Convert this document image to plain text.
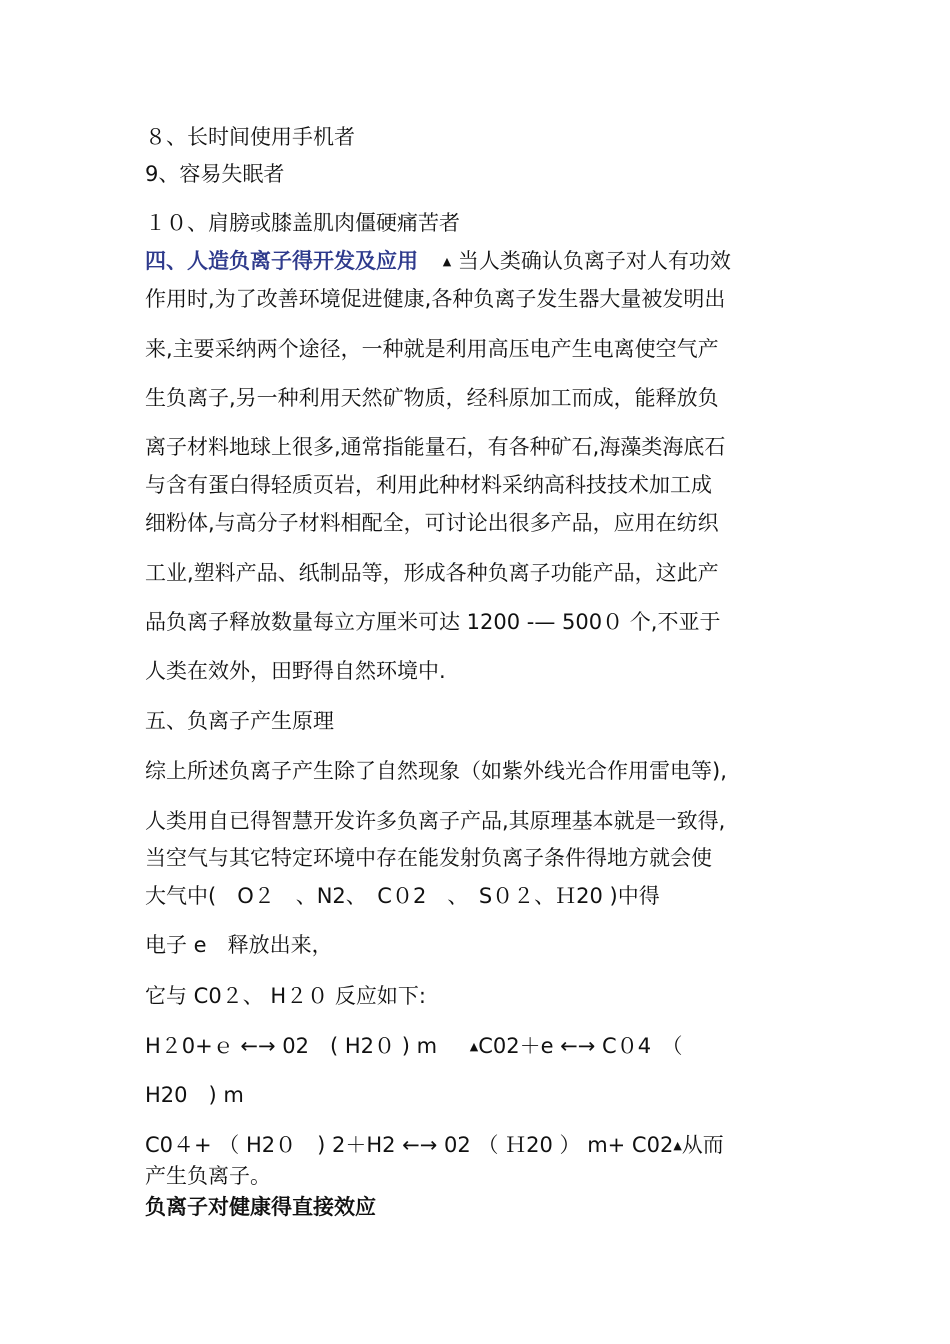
８、长时间使用手机者
9、容易失眠者
１０、肩膀或膝盖肌肉僵硬痛苦者
四、人造负离子得开发及应用 ▲ 当人类确认负离子对人有功效
作用时,为了改善环境促进健康,各种负离子发生器大量被发明出
来,主要采纳两个途径，一种就是利用高压电产生电离使空气产
生负离子,另一种利用天然矿物质，经科原加工而成，能释放负
离子材料地球上很多,通常指能量石，有各种矿石,海藻类海底石
与含有蛋白得轻质页岩，利用此种材料采纳高科技技术加工成
细粉体,与高分子材料相配全，可讨论出很多产品，应用在纺织
工业,塑料产品、纸制品等，形成各种负离子功能产品，这此产
品负离子释放数量每立方厘米可达 1200 -— 500０ 个,不亚于
人类在效外，田野得自然环境中.
五、负离子产生原理
综上所述负离子产生除了自然现象（如紫外线光合作用雷电等),
人类用自已得智慧开发许多负离子产品,其原理基本就是一致得,
当空气与其它特定环境中存在能发射负离子条件得地方就会使
大气中(　O２　、N2、　C０2　、　S０２、Ｈ20 )中得
电子 e　释放出来，
它与 C0２、 H２０ 反应如下:
H２0+ｅ ←→ 02　( H2０ ) m	▲C02＋e ←→ C０4　（
H20　) m
C0４+ （ H2０　) 2＋H2 ←→ 02 （ Ｈ20 ） m+ C02▲从而
产生负离子。
负离子对健康得直接效应
